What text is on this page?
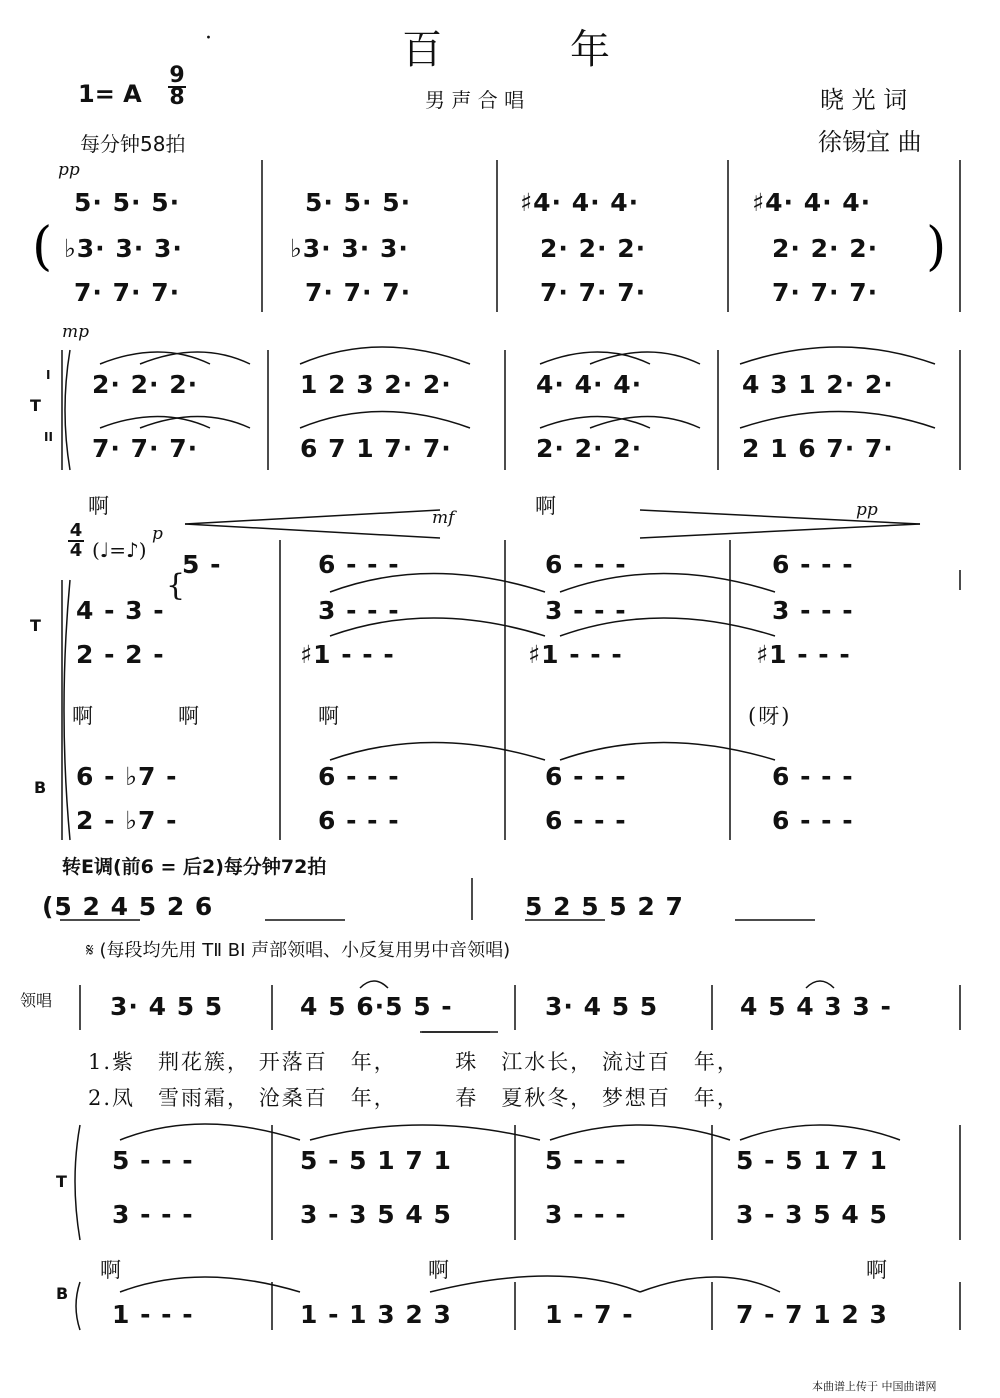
百　　　年
·
1= A $\frac{9}{8}$	男 声 合 唱	晓 光 词
徐锡宜 曲
每分钟58拍
(	)
pp
5· 5· 5·	5· 5· 5·	♯4· 4· 4·	♯4· 4· 4·
♭3· 3· 3·	♭3· 3· 3·	2· 2· 2·	2· 2· 2·
7· 7· 7·	7· 7· 7·	7· 7· 7·	7· 7· 7·
mp
T
I
II
2· 2· 2·	1 2 3 2· 2·	4· 4· 4·	4 3 1 2· 2·
7· 7· 7·	6 7 1 7· 7·	2· 2· 2·	2 1 6 7· 7·
啊	啊
$\frac{4}{4}$ (♩=♪)
p
mf	pp
{
T
B
5 -	6 - - -	6 - - -	6 - - -
4 - 3 -	3 - - -	3 - - -	3 - - -
2 - 2 -	♯1 - - -	♯1 - - -	♯1 - - -
啊	啊	啊	(呀)
6 - ♭7 -	6 - - -	6 - - -	6 - - -
2 - ♭7 -	6 - - -	6 - - -	6 - - -
转E调(前6 = 后2)每分钟72拍
(5 2 4 5 2 6	5 2 5 5 2 7
𝄋 (每段均先用 TⅡ BⅠ 声部领唱、小反复用男中音领唱)
领唱 3· 4 5 5	4 5 6·5 5 -	3· 4 5 5	4 5 4 3 3 -
1.紫　荆花簇， 开落百　年，　　　珠　江水长， 流过百　年，
2.凤　雪雨霜， 沧桑百　年，　　　春　夏秋冬， 梦想百　年，
T
5 - - -	5 - 5 1 7 1	5 - - -	5 - 5 1 7 1
3 - - -	3 - 3 5 4 5	3 - - -	3 - 3 5 4 5
啊	啊	啊
B
1 - - -	1 - 1 3 2 3	1 - 7 -	7 - 7 1 2 3
本曲谱上传于 中国曲谱网
